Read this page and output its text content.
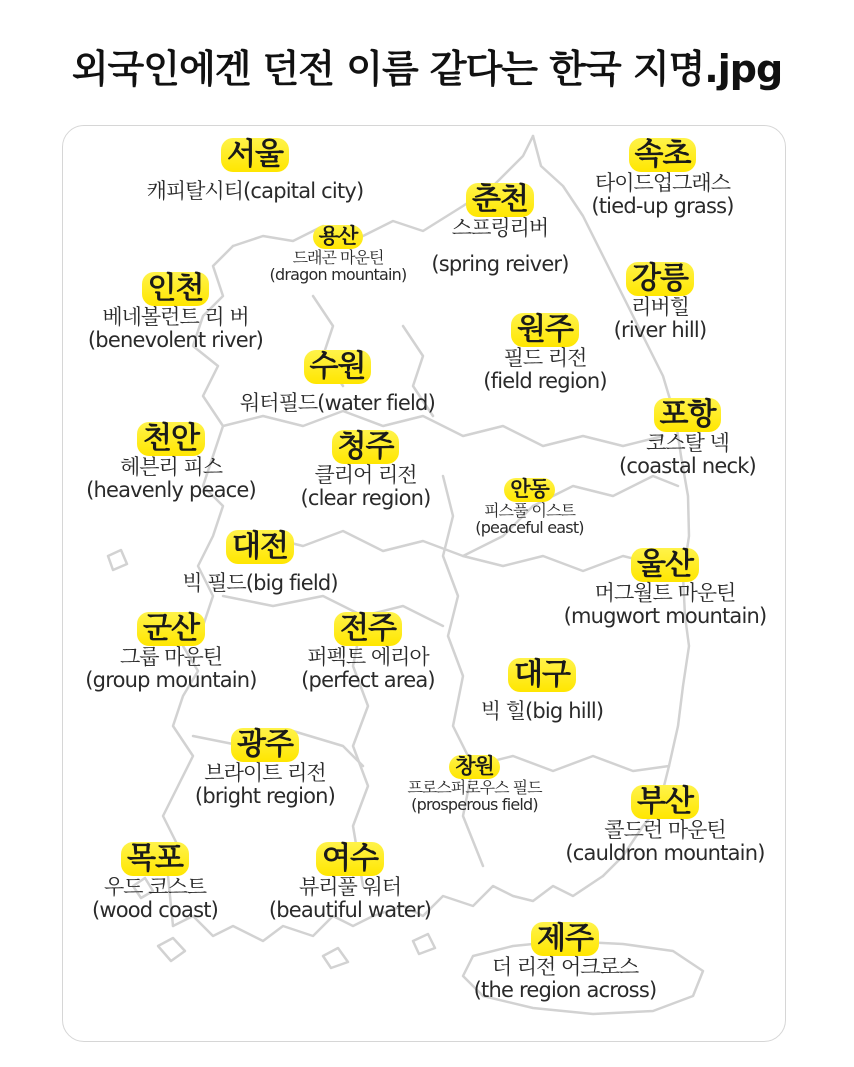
외국인에겐 던전 이름 같다는 한국 지명.jpg
서울
캐피탈시티(capital city)
속초
타이드업그래스
(tied-up grass)
춘천
스프링리버
(spring reiver)
용산
드래곤 마운틴
(dragon mountain)	강릉
리버힐
(river hill)
인천
베네볼런트 리 버
(benevolent river)	원주
필드 리전
(field region)
수원
워터필드(water field)	포항
코스탈 넥
(coastal neck)
천안
헤븐리 피스
(heavenly peace)
청주
클리어 리전
(clear region)	안동
피스풀 이스트
(peaceful east)
대전
빅 필드(big field)
울산
머그월트 마운틴
(mugwort mountain)
군산
그룹 마운틴
(group mountain)
전주
퍼펙트 에리아
(perfect area)	대구
빅 힐(big hill)
광주
브라이트 리전
(bright region)
창원
프로스퍼로우스 필드
(prosperous field)	부산
콜드런 마운틴
(cauldron mountain)
목포
우드 코스트
(wood coast)
여수
뷰리풀 워터
(beautiful water)
제주
더 리전 어크로스
(the region across)
